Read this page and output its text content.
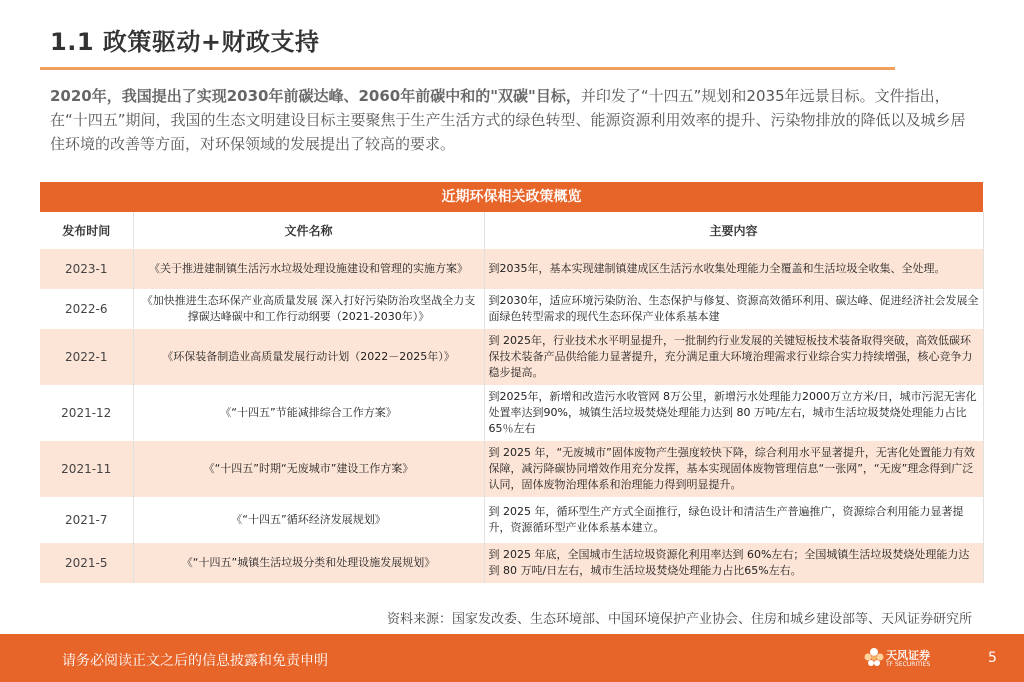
1.1 政策驱动+财政支持
2020年，我国提出了实现2030年前碳达峰、2060年前碳中和的"双碳"目标，并印发了“十四五”规划和2035年远景目标。文件指出，在“十四五”期间，我国的生态文明建设目标主要聚焦于生产生活方式的绿色转型、能源资源利用效率的提升、污染物排放的降低以及城乡居住环境的改善等方面，对环保领域的发展提出了较高的要求。
近期环保相关政策概览
发布时间	文件名称	主要内容
2023-1	《关于推进建制镇生活污水垃圾处理设施建设和管理的实施方案》	到2035年，基本实现建制镇建成区生活污水收集处理能力全覆盖和生活垃圾全收集、全处理。
2022-6	《加快推进生态环保产业高质量发展 深入打好污染防治攻坚战全力支撑碳达峰碳中和工作行动纲要（2021-2030年）》	到2030年，适应环境污染防治、生态保护与修复、资源高效循环利用、碳达峰、促进经济社会发展全面绿色转型需求的现代生态环保产业体系基本建
2022-1	《环保装备制造业高质量发展行动计划（2022－2025年）》	到 2025年，行业技术水平明显提升，一批制约行业发展的关键短板技术装备取得突破，高效低碳环保技术装备产品供给能力显著提升，充分满足重大环境治理需求行业综合实力持续增强，核心竞争力稳步提高。
2021-12	《“十四五”节能减排综合工作方案》	到2025年，新增和改造污水收管网 8万公里，新增污水处理能力2000万立方米/日，城市污泥无害化处置率达到90%，城镇生活垃圾焚烧处理能力达到 80 万吨/左右，城市生活垃圾焚烧处理能力占比65％左右
2021-11	《“十四五”时期“无废城市”建设工作方案》	到 2025 年，“无废城市”固体废物产生强度较快下降，综合利用水平显著提升，无害化处置能力有效保障，减污降碳协同增效作用充分发挥，基本实现固体废物管理信息“一张网”，“无废”理念得到广泛认同，固体废物治理体系和治理能力得到明显提升。
2021-7	《“十四五”循环经济发展规划》	到 2025 年，循环型生产方式全面推行，绿色设计和清洁生产普遍推广，资源综合利用能力显著提升，资源循环型产业体系基本建立。
2021-5	《“十四五”城镇生活垃圾分类和处理设施发展规划》	到 2025 年底，全国城市生活垃圾资源化利用率达到 60%左右；全国城镇生活垃圾焚烧处理能力达到 80 万吨/日左右，城市生活垃圾焚烧处理能力占比65%左右。
资料来源：国家发改委、生态环境部、中国环境保护产业协会、住房和城乡建设部等、天风证券研究所
请务必阅读正文之后的信息披露和免责申明	天风证券
TF SECURITIES	5
